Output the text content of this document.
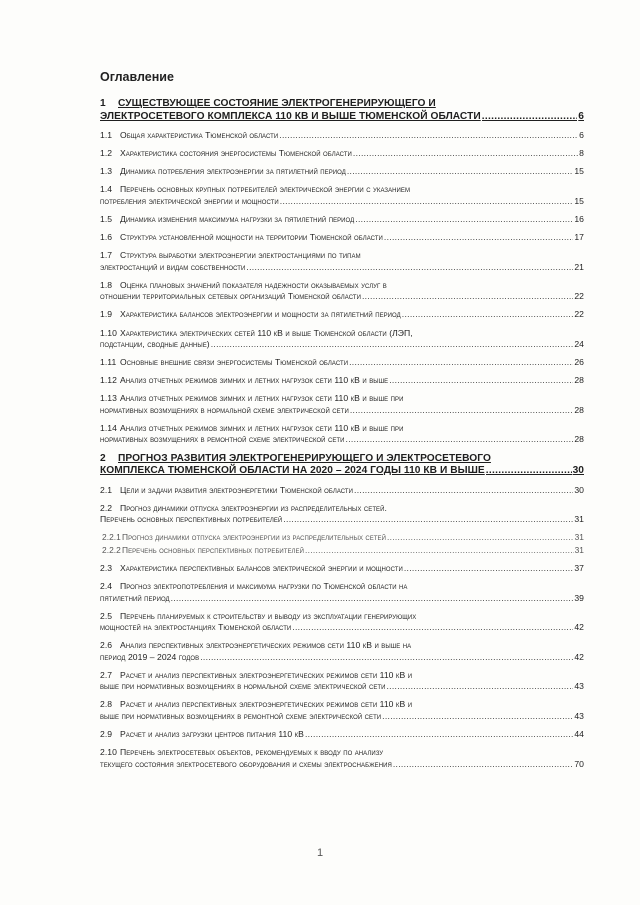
Оглавление
1 СУЩЕСТВУЮЩЕЕ СОСТОЯНИЕ ЭЛЕКТРОГЕНЕРИРУЮЩЕГО И
ЭЛЕКТРОСЕТЕВОГО КОМПЛЕКСА 110 КВ И ВЫШЕ ТЮМЕНСКОЙ ОБЛАСТИ .....	6
1.1 Общая характеристика Тюменской области .....	6
1.2 Характеристика состояния энергосистемы Тюменской области .....	8
1.3 Динамика потребления электроэнергии за пятилетний период .....	15
1.4 Перечень основных крупных потребителей электрической энергии с указанием
потребления электрической энергии и мощности .....	15
1.5 Динамика изменения максимума нагрузки за пятилетний период .....	16
1.6 Структура установленной мощности на территории Тюменской области .....	17
1.7 Структура выработки электроэнергии электростанциями по типам
электростанций и видам собственности .....	21
1.8 Оценка плановых значений показателя надежности оказываемых услуг в
отношении территориальных сетевых организаций Тюменской области .....	22
1.9 Характеристика балансов электроэнергии и мощности за пятилетний период .....	22
1.10 Характеристика электрических сетей 110 кВ и выше Тюменской области (ЛЭП,
подстанции, сводные данные) .....	24
1.11 Основные внешние связи энергосистемы Тюменской области .....	26
1.12 Анализ отчетных режимов зимних и летних нагрузок сети 110 кВ и выше .....	28
1.13 Анализ отчетных режимов зимних и летних нагрузок сети 110 кВ и выше при
нормативных возмущениях в нормальной схеме электрической сети .....	28
1.14 Анализ отчетных режимов зимних и летних нагрузок сети 110 кВ и выше при
нормативных возмущениях в ремонтной схеме электрической сети .....	28
2 ПРОГНОЗ РАЗВИТИЯ ЭЛЕКТРОГЕНЕРИРУЮЩЕГО И ЭЛЕКТРОСЕТЕВОГО
КОМПЛЕКСА ТЮМЕНСКОЙ ОБЛАСТИ НА 2020 – 2024 ГОДЫ 110 КВ И ВЫШЕ .....	30
2.1 Цели и задачи развития электроэнергетики Тюменской области .....	30
2.2 Прогноз динамики отпуска электроэнергии из распределительных сетей.
Перечень основных перспективных потребителей .....	31
2.2.1 Прогноз динамики отпуска электроэнергии из распределительных сетей .....	31
2.2.2 Перечень основных перспективных потребителей .....	31
2.3 Характеристика перспективных балансов электрической энергии и мощности .....	37
2.4 Прогноз электропотребления и максимума нагрузки по Тюменской области на
пятилетний период .....	39
2.5 Перечень планируемых к строительству и выводу из эксплуатации генерирующих
мощностей на электростанциях Тюменской области .....	42
2.6 Анализ перспективных электроэнергетических режимов сети 110 кВ и выше на
период 2019 – 2024 годов .....	42
2.7 Расчет и анализ перспективных электроэнергетических режимов сети 110 кВ и
выше при нормативных возмущениях в нормальной схеме электрической сети .....	43
2.8 Расчет и анализ перспективных электроэнергетических режимов сети 110 кВ и
выше при нормативных возмущениях в ремонтной схеме электрической сети .....	43
2.9 Расчет и анализ загрузки центров питания 110 кВ .....	44
2.10 Перечень электросетевых объектов, рекомендуемых к вводу по анализу
текущего состояния электросетевого оборудования и схемы электроснабжения .....	70
1
